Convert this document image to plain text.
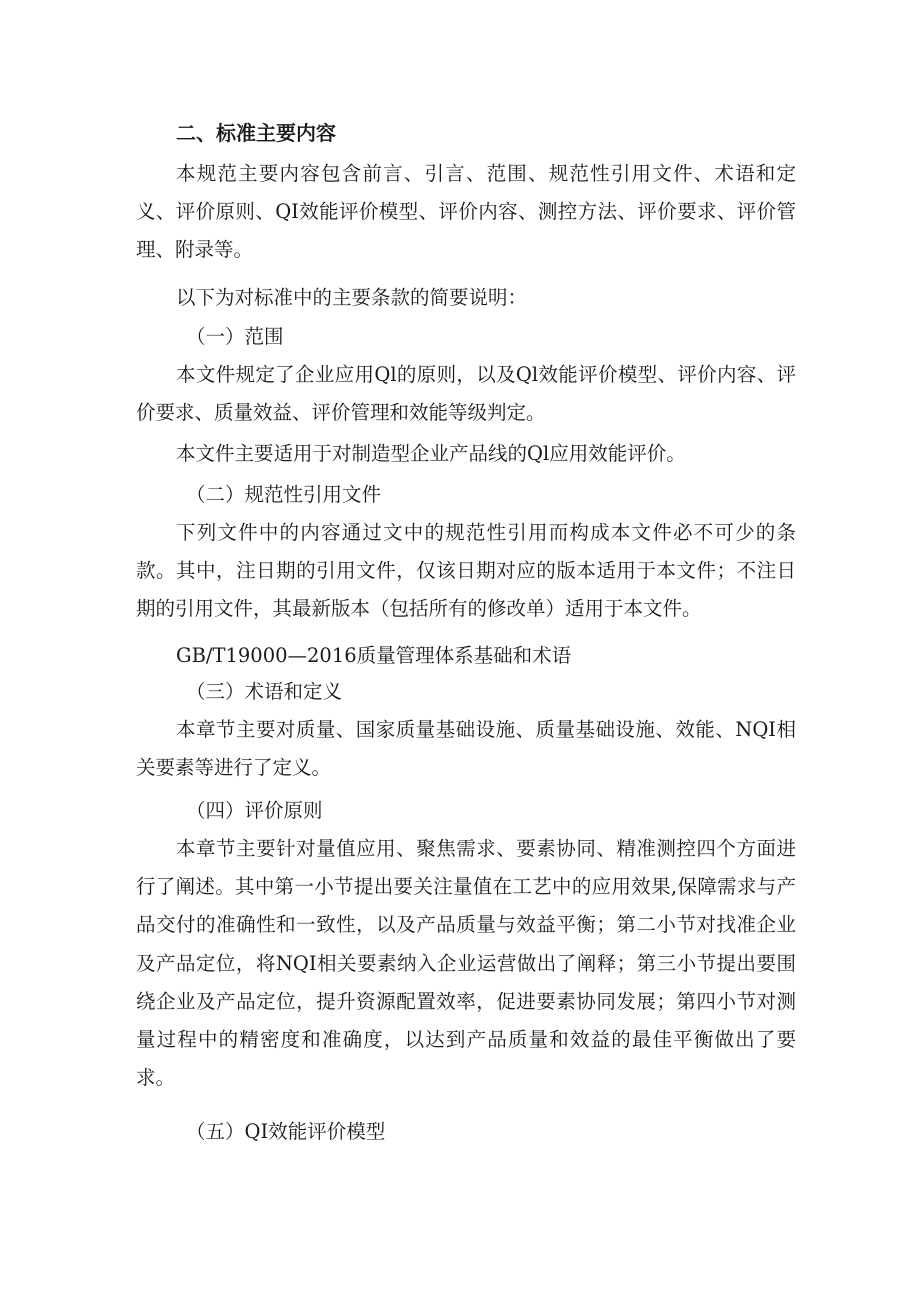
二、标准主要内容

本规范主要内容包含前言、引言、范围、规范性引用文件、术语和定义、评价原则、QI效能评价模型、评价内容、测控方法、评价要求、评价管理、附录等。

以下为对标准中的主要条款的简要说明：

（一）范围

本文件规定了企业应用Ql的原则，以及Ql效能评价模型、评价内容、评价要求、质量效益、评价管理和效能等级判定。

本文件主要适用于对制造型企业产品线的Ql应用效能评价。

（二）规范性引用文件

下列文件中的内容通过文中的规范性引用而构成本文件必不可少的条款。其中，注日期的引用文件，仅该日期对应的版本适用于本文件；不注日期的引用文件，其最新版本（包括所有的修改单）适用于本文件。

GB/T19000—2016质量管理体系基础和术语
（三）术语和定义

本章节主要对质量、国家质量基础设施、质量基础设施、效能、NQI相关要素等进行了定义。

（四）评价原则

本章节主要针对量值应用、聚焦需求、要素协同、精准测控四个方面进行了阐述。其中第一小节提出要关注量值在工艺中的应用效果,保障需求与产品交付的准确性和一致性，以及产品质量与效益平衡；第二小节对找准企业及产品定位，将NQI相关要素纳入企业运营做出了阐释；第三小节提出要围绕企业及产品定位，提升资源配置效率，促进要素协同发展；第四小节对测量过程中的精密度和准确度，以达到产品质量和效益的最佳平衡做出了要求。

（五）QI效能评价模型
